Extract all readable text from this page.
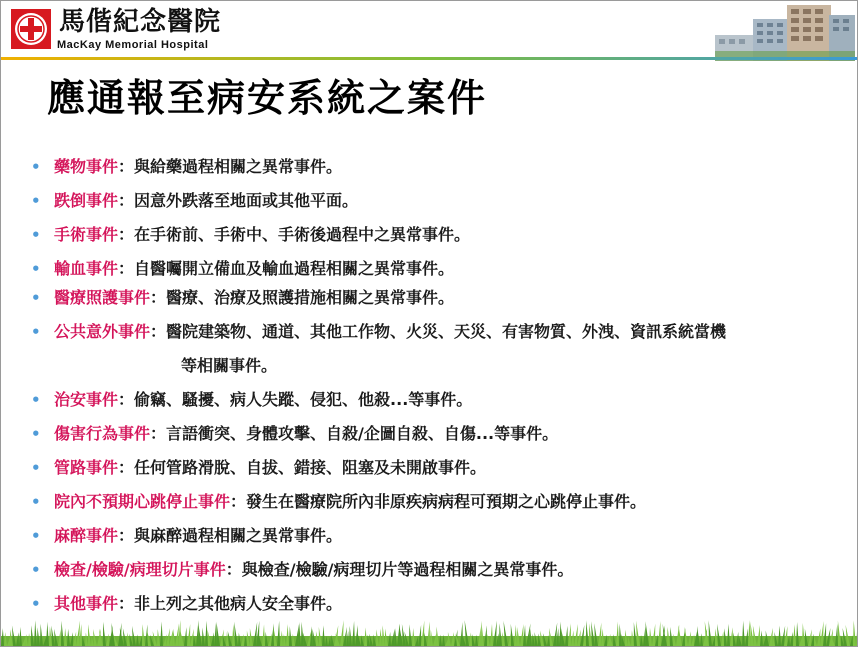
馬偕紀念醫院
MacKay Memorial Hospital
應通報至病安系統之案件
• 藥物事件：與給藥過程相關之異常事件。
• 跌倒事件：因意外跌落至地面或其他平面。
• 手術事件：在手術前、手術中、手術後過程中之異常事件。
• 輸血事件：自醫囑開立備血及輸血過程相關之異常事件。
• 醫療照護事件：醫療、治療及照護措施相關之異常事件。
• 公共意外事件：醫院建築物、通道、其他工作物、火災、天災、有害物質、外洩、資訊系統當機
等相關事件。
• 治安事件：偷竊、騷擾、病人失蹤、侵犯、他殺...等事件。
• 傷害行為事件：言語衝突、身體攻擊、自殺/企圖自殺、自傷...等事件。
• 管路事件：任何管路滑脫、自拔、錯接、阻塞及未開啟事件。
• 院內不預期心跳停止事件：發生在醫療院所內非原疾病病程可預期之心跳停止事件。
• 麻醉事件：與麻醉過程相關之異常事件。
• 檢查/檢驗/病理切片事件：與檢查/檢驗/病理切片等過程相關之異常事件。
• 其他事件：非上列之其他病人安全事件。
